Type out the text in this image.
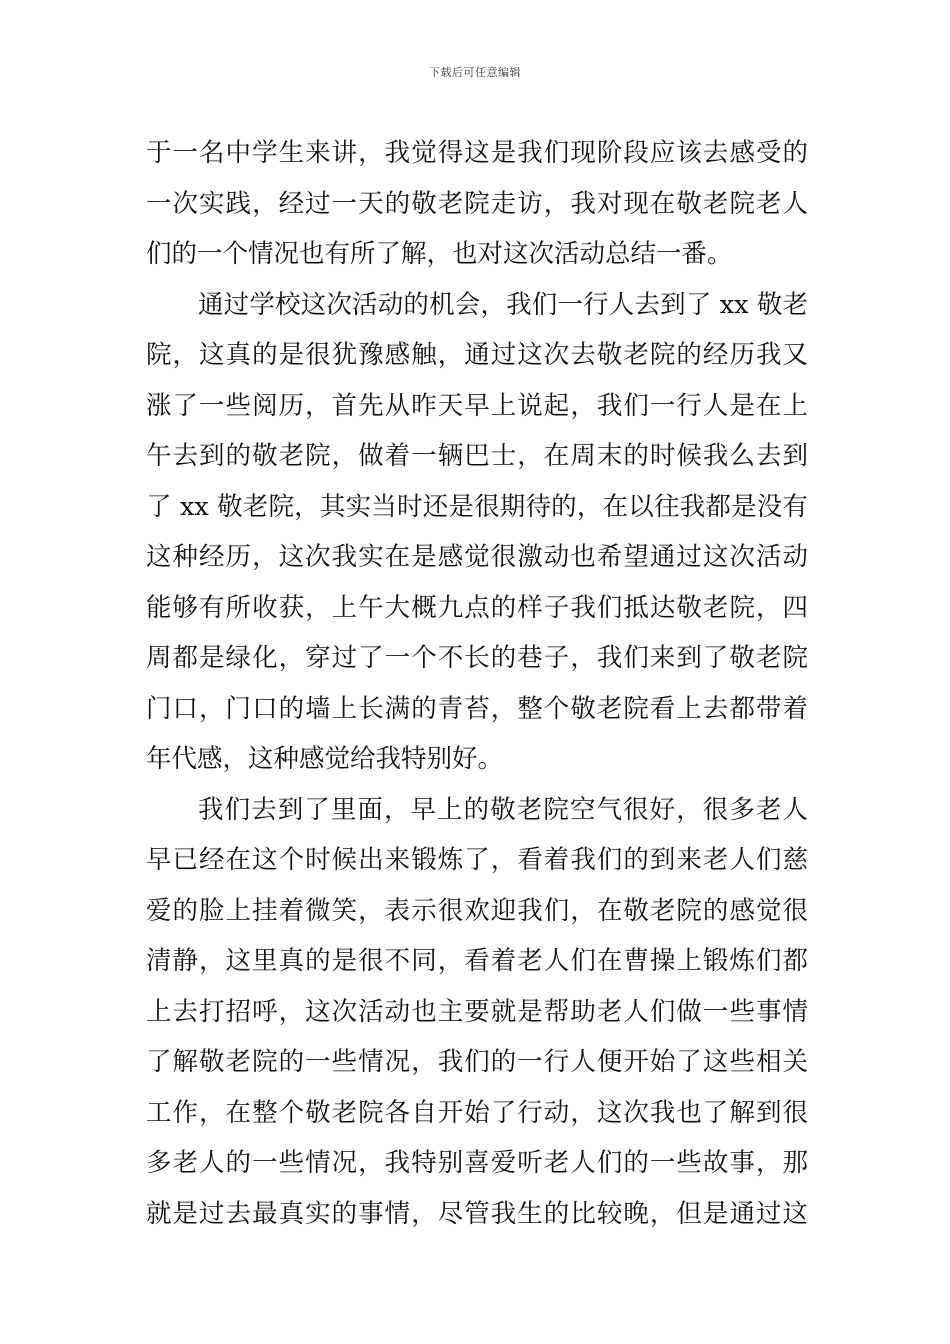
下载后可任意编辑
于一名中学生来讲，我觉得这是我们现阶段应该去感受的
一次实践，经过一天的敬老院走访，我对现在敬老院老人
们的一个情况也有所了解，也对这次活动总结一番。
通过学校这次活动的机会，我们一行人去到了 xx 敬老
院，这真的是很犹豫感触，通过这次去敬老院的经历我又
涨了一些阅历，首先从昨天早上说起，我们一行人是在上
午去到的敬老院，做着一辆巴士，在周末的时候我么去到
了 xx 敬老院，其实当时还是很期待的，在以往我都是没有
这种经历，这次我实在是感觉很激动也希望通过这次活动
能够有所收获，上午大概九点的样子我们抵达敬老院，四
周都是绿化，穿过了一个不长的巷子，我们来到了敬老院
门口，门口的墙上长满的青苔，整个敬老院看上去都带着
年代感，这种感觉给我特别好。
我们去到了里面，早上的敬老院空气很好，很多老人
早已经在这个时候出来锻炼了，看着我们的到来老人们慈
爱的脸上挂着微笑，表示很欢迎我们，在敬老院的感觉很
清静，这里真的是很不同，看着老人们在曹操上锻炼们都
上去打招呼，这次活动也主要就是帮助老人们做一些事情
了解敬老院的一些情况，我们的一行人便开始了这些相关
工作，在整个敬老院各自开始了行动，这次我也了解到很
多老人的一些情况，我特别喜爱听老人们的一些故事，那
就是过去最真实的事情，尽管我生的比较晚，但是通过这
